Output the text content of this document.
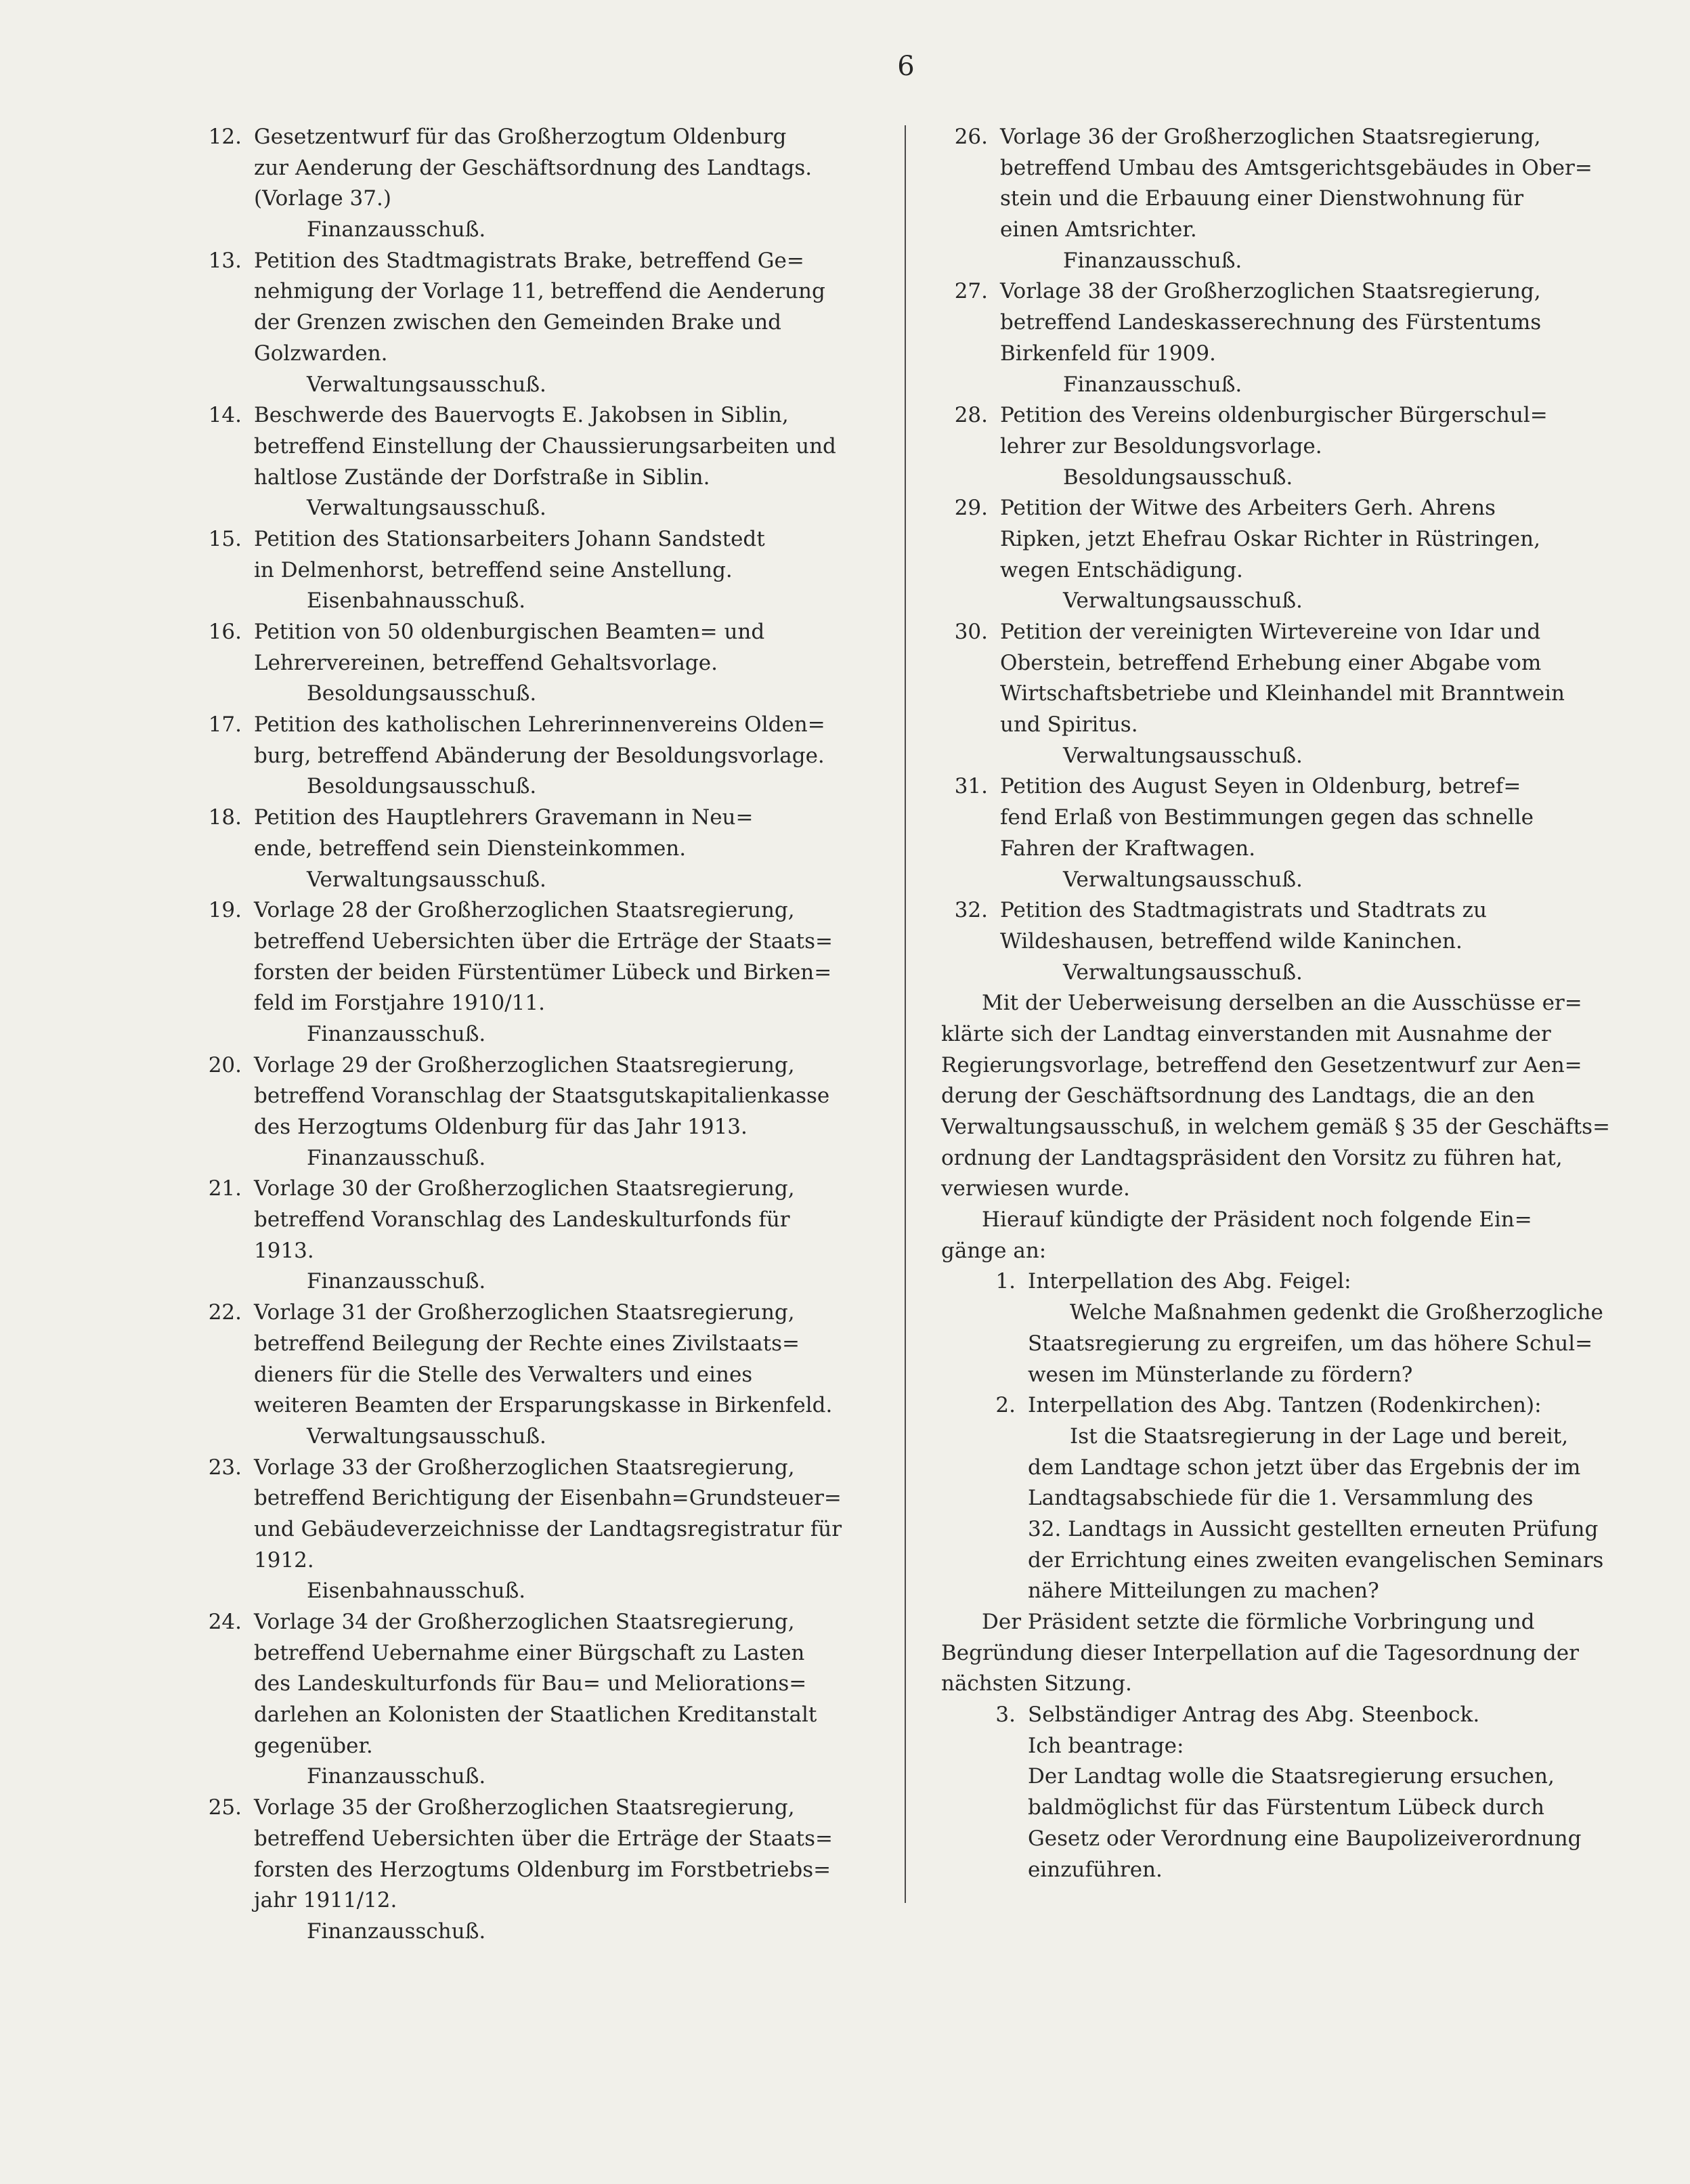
6
12. Gesetzentwurf für das Großherzogtum Oldenburg
zur Aenderung der Geschäftsordnung des Landtags.
(Vorlage 37.)
Finanzausschuß.
13. Petition des Stadtmagistrats Brake, betreffend Ge=
nehmigung der Vorlage 11, betreffend die Aenderung
der Grenzen zwischen den Gemeinden Brake und
Golzwarden.
Verwaltungsausschuß.
14. Beschwerde des Bauervogts E. Jakobsen in Siblin,
betreffend Einstellung der Chaussierungsarbeiten und
haltlose Zustände der Dorfstraße in Siblin.
Verwaltungsausschuß.
15. Petition des Stationsarbeiters Johann Sandstedt
in Delmenhorst, betreffend seine Anstellung.
Eisenbahnausschuß.
16. Petition von 50 oldenburgischen Beamten= und
Lehrervereinen, betreffend Gehaltsvorlage.
Besoldungsausschuß.
17. Petition des katholischen Lehrerinnenvereins Olden=
burg, betreffend Abänderung der Besoldungsvorlage.
Besoldungsausschuß.
18. Petition des Hauptlehrers Gravemann in Neu=
ende, betreffend sein Diensteinkommen.
Verwaltungsausschuß.
19. Vorlage 28 der Großherzoglichen Staatsregierung,
betreffend Uebersichten über die Erträge der Staats=
forsten der beiden Fürstentümer Lübeck und Birken=
feld im Forstjahre 1910/11.
Finanzausschuß.
20. Vorlage 29 der Großherzoglichen Staatsregierung,
betreffend Voranschlag der Staatsgutskapitalienkasse
des Herzogtums Oldenburg für das Jahr 1913.
Finanzausschuß.
21. Vorlage 30 der Großherzoglichen Staatsregierung,
betreffend Voranschlag des Landeskulturfonds für
1913.
Finanzausschuß.
22. Vorlage 31 der Großherzoglichen Staatsregierung,
betreffend Beilegung der Rechte eines Zivilstaats=
dieners für die Stelle des Verwalters und eines
weiteren Beamten der Ersparungskasse in Birkenfeld.
Verwaltungsausschuß.
23. Vorlage 33 der Großherzoglichen Staatsregierung,
betreffend Berichtigung der Eisenbahn=Grundsteuer=
und Gebäudeverzeichnisse der Landtagsregistratur für
1912.
Eisenbahnausschuß.
24. Vorlage 34 der Großherzoglichen Staatsregierung,
betreffend Uebernahme einer Bürgschaft zu Lasten
des Landeskulturfonds für Bau= und Meliorations=
darlehen an Kolonisten der Staatlichen Kreditanstalt
gegenüber.
Finanzausschuß.
25. Vorlage 35 der Großherzoglichen Staatsregierung,
betreffend Uebersichten über die Erträge der Staats=
forsten des Herzogtums Oldenburg im Forstbetriebs=
jahr 1911/12.
Finanzausschuß.
26. Vorlage 36 der Großherzoglichen Staatsregierung,
betreffend Umbau des Amtsgerichtsgebäudes in Ober=
stein und die Erbauung einer Dienstwohnung für
einen Amtsrichter.
Finanzausschuß.
27. Vorlage 38 der Großherzoglichen Staatsregierung,
betreffend Landeskasserechnung des Fürstentums
Birkenfeld für 1909.
Finanzausschuß.
28. Petition des Vereins oldenburgischer Bürgerschul=
lehrer zur Besoldungsvorlage.
Besoldungsausschuß.
29. Petition der Witwe des Arbeiters Gerh. Ahrens
Ripken, jetzt Ehefrau Oskar Richter in Rüstringen,
wegen Entschädigung.
Verwaltungsausschuß.
30. Petition der vereinigten Wirtevereine von Idar und
Oberstein, betreffend Erhebung einer Abgabe vom
Wirtschaftsbetriebe und Kleinhandel mit Branntwein
und Spiritus.
Verwaltungsausschuß.
31. Petition des August Seyen in Oldenburg, betref=
fend Erlaß von Bestimmungen gegen das schnelle
Fahren der Kraftwagen.
Verwaltungsausschuß.
32. Petition des Stadtmagistrats und Stadtrats zu
Wildeshausen, betreffend wilde Kaninchen.
Verwaltungsausschuß.
Mit der Ueberweisung derselben an die Ausschüsse er=
klärte sich der Landtag einverstanden mit Ausnahme der
Regierungsvorlage, betreffend den Gesetzentwurf zur Aen=
derung der Geschäftsordnung des Landtags, die an den
Verwaltungsausschuß, in welchem gemäß § 35 der Geschäfts=
ordnung der Landtagspräsident den Vorsitz zu führen hat,
verwiesen wurde.
Hierauf kündigte der Präsident noch folgende Ein=
gänge an:
1. Interpellation des Abg. Feigel:
Welche Maßnahmen gedenkt die Großherzogliche
Staatsregierung zu ergreifen, um das höhere Schul=
wesen im Münsterlande zu fördern?
2. Interpellation des Abg. Tantzen (Rodenkirchen):
Ist die Staatsregierung in der Lage und bereit,
dem Landtage schon jetzt über das Ergebnis der im
Landtagsabschiede für die 1. Versammlung des
32. Landtags in Aussicht gestellten erneuten Prüfung
der Errichtung eines zweiten evangelischen Seminars
nähere Mitteilungen zu machen?
Der Präsident setzte die förmliche Vorbringung und
Begründung dieser Interpellation auf die Tagesordnung der
nächsten Sitzung.
3. Selbständiger Antrag des Abg. Steenbock.
Ich beantrage:
Der Landtag wolle die Staatsregierung ersuchen,
baldmöglichst für das Fürstentum Lübeck durch
Gesetz oder Verordnung eine Baupolizeiverordnung
einzuführen.
